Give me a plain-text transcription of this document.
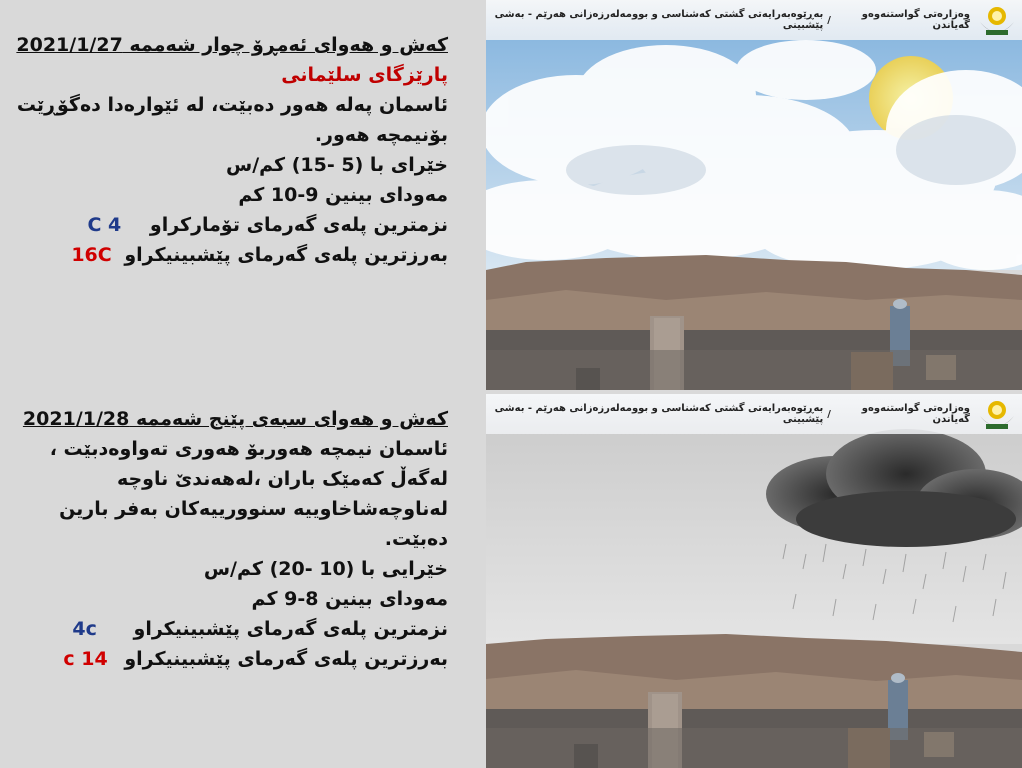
کەش و هەوای ئەمڕۆ چوار شەممە 2021/1/27
پارێزگای سلێمانی
ئاسمان پەلە هەور دەبێت، لە ئێوارەدا دەگۆڕێت بۆنیمچە هەور.
خێرای با (5 -15) کم/س
مەودای بینین 9-10 کم
نزمترین پلەی گەرمای تۆمارکراو 4 C
بەرزترین پلەی گەرمای پێشبینیکراو 16C
کەش و هەوای سبەی پێنج شەممە 2021/1/28
ئاسمان نیمچە هەوربۆ هەوری تەواوەدبێت ، لەگەڵ کەمێک باران ،لەهەندێ ناوچە لەناوچەشاخاوییە سنوورییەکان بەفر بارین دەبێت.
خێرایی با (10 -20) کم/س
مەودای بینین 8-9 کم
نزمترین پلەی گەرمای پێشبینیکراو 4c
بەرزترین پلەی گەرمای پێشبینیکراو 14 c
وەزارەتی گواستنەوەو گەیاندن
/
بەڕێوەبەرایەتی گشتی کەشناسی و بوومەلەرزەزانی هەرێم - بەشی پێشبینی
وەزارەتی گواستنەوەو گەیاندن
/
بەڕێوەبەرایەتی گشتی کەشناسی و بوومەلەرزەزانی هەرێم - بەشی پێشبینی
